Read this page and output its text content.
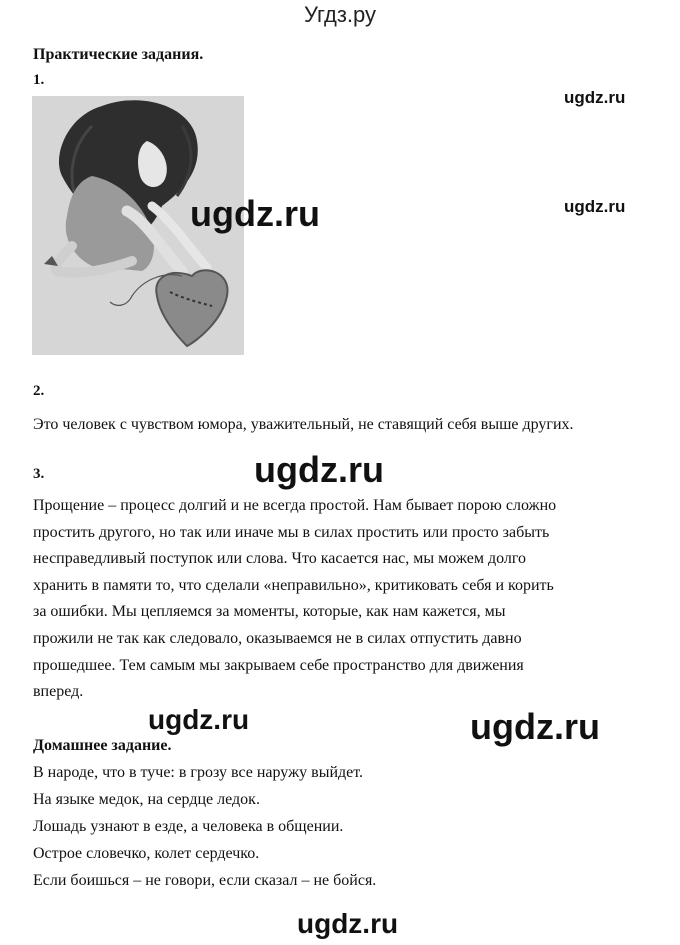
Угдз.ру
Практические задания.
1.
2.
Это человек с чувством юмора, уважительный, не ставящий себя выше других.
3.
Прощение – процесс долгий и не всегда простой. Нам бывает порою сложно
простить другого, но так или иначе мы в силах простить или просто забыть
несправедливый поступок или слова. Что касается нас, мы можем долго
хранить в памяти то, что сделали «неправильно», критиковать себя и корить
за ошибки. Мы цепляемся за моменты, которые, как нам кажется, мы
прожили не так как следовало, оказываемся не в силах отпустить давно
прошедшее. Тем самым мы закрываем себе пространство для движения
вперед.
Домашнее задание.
В народе, что в туче: в грозу все наружу выйдет.
На языке медок, на сердце ледок.
Лошадь узнают в езде, а человека в общении.
Острое словечко, колет сердечко.
Если боишься – не говори, если сказал – не бойся.
ugdz.ru
ugdz.ru	ugdz.ru
ugdz.ru
ugdz.ru	ugdz.ru
ugdz.ru
